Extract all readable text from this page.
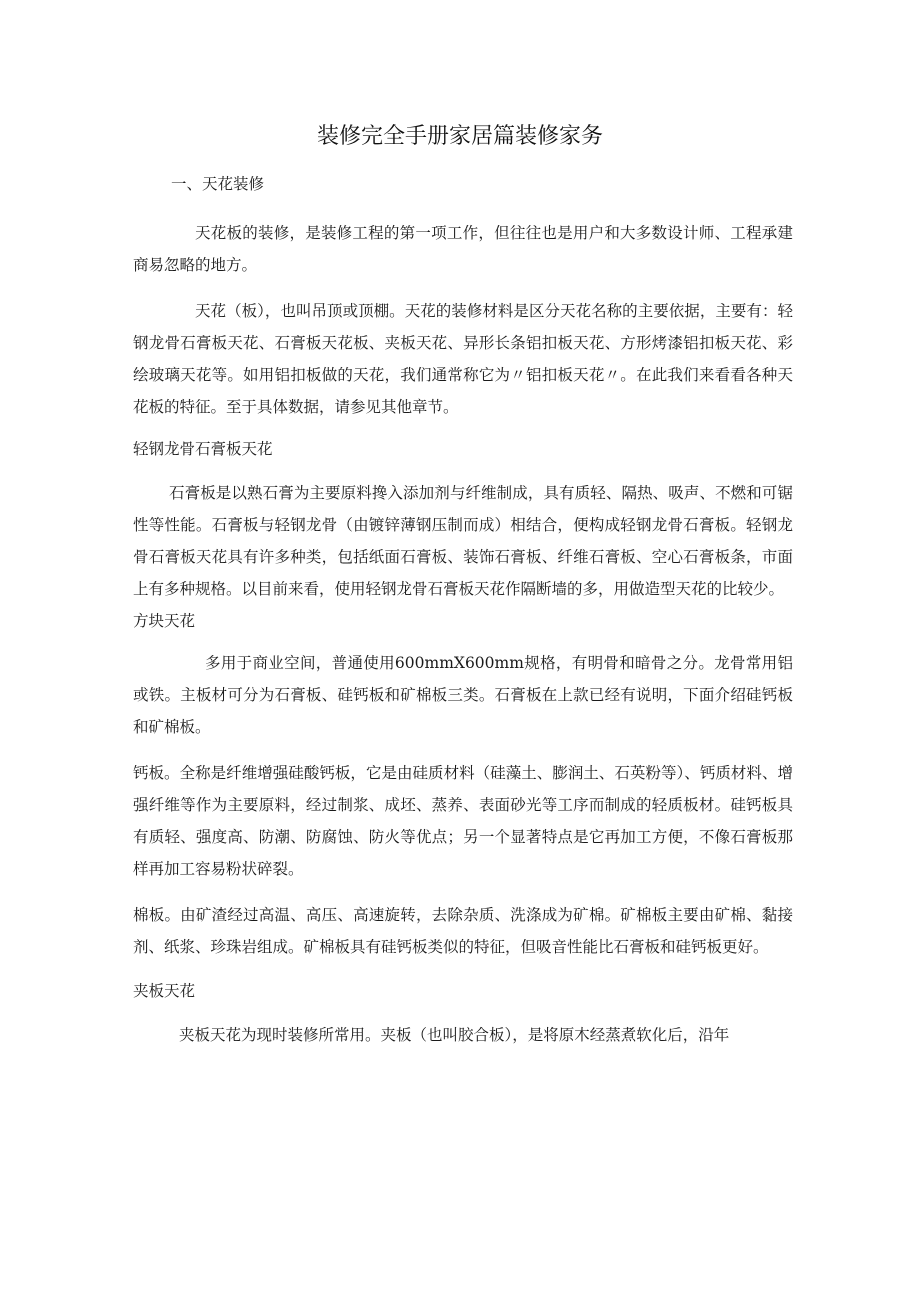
装修完全手册家居篇装修家务

一、天花装修

天花板的装修，是装修工程的第一项工作，但往往也是用户和大多数设计师、工程承建商易忽略的地方。

天花（板），也叫吊顶或顶棚。天花的装修材料是区分天花名称的主要依据，主要有：轻钢龙骨石膏板天花、石膏板天花板、夹板天花、异形长条铝扣板天花、方形烤漆铝扣板天花、彩绘玻璃天花等。如用铝扣板做的天花，我们通常称它为〃铝扣板天花〃。在此我们来看看各种天花板的特征。至于具体数据，请参见其他章节。

轻钢龙骨石膏板天花

石膏板是以熟石膏为主要原料搀入添加剂与纤维制成，具有质轻、隔热、吸声、不燃和可锯性等性能。石膏板与轻钢龙骨（由镀锌薄钢压制而成）相结合，便构成轻钢龙骨石膏板。轻钢龙骨石膏板天花具有许多种类，包括纸面石膏板、装饰石膏板、纤维石膏板、空心石膏板条，市面上有多种规格。以目前来看，使用轻钢龙骨石膏板天花作隔断墙的多，用做造型天花的比较少。

方块天花

多用于商业空间，普通使用600mmX600mm规格，有明骨和暗骨之分。龙骨常用铝或铁。主板材可分为石膏板、硅钙板和矿棉板三类。石膏板在上款已经有说明，下面介绍硅钙板和矿棉板。

钙板。全称是纤维增强硅酸钙板，它是由硅质材料（硅藻土、膨润土、石英粉等）、钙质材料、增强纤维等作为主要原料，经过制浆、成坯、蒸养、表面砂光等工序而制成的轻质板材。硅钙板具有质轻、强度高、防潮、防腐蚀、防火等优点；另一个显著特点是它再加工方便，不像石膏板那样再加工容易粉状碎裂。

棉板。由矿渣经过高温、高压、高速旋转，去除杂质、洗涤成为矿棉。矿棉板主要由矿棉、黏接剂、纸浆、珍珠岩组成。矿棉板具有硅钙板类似的特征，但吸音性能比石膏板和硅钙板更好。

夹板天花

夹板天花为现时装修所常用。夹板（也叫胶合板），是将原木经蒸煮软化后，沿年
